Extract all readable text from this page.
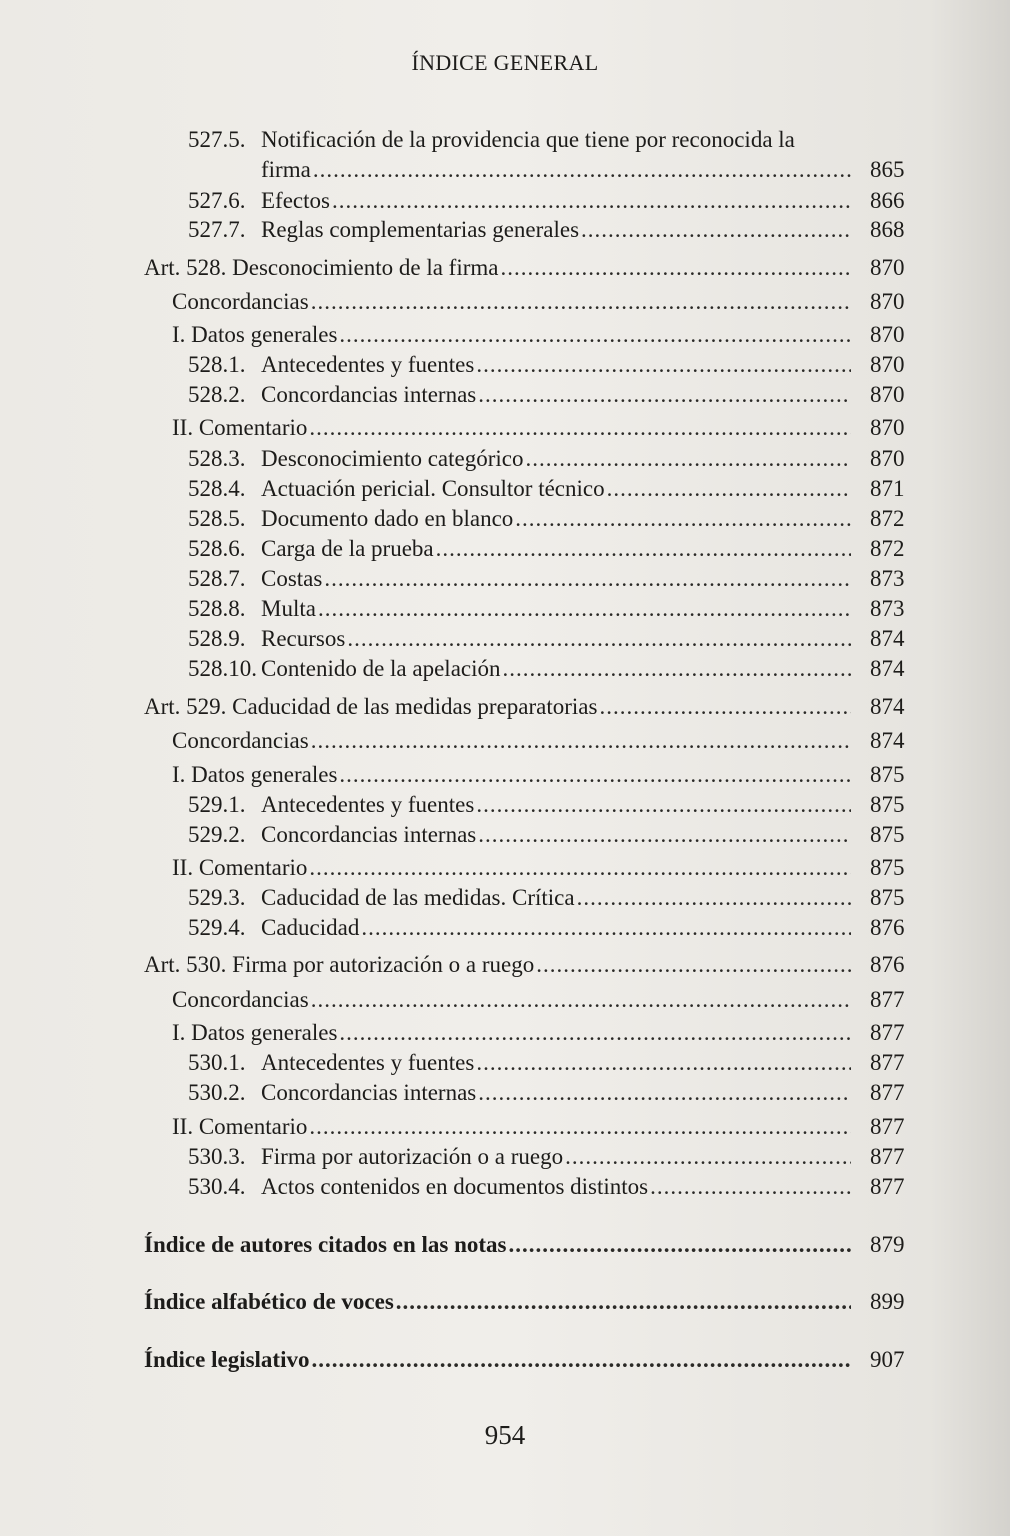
ÍNDICE GENERAL
527.5. Notificación de la providencia que tiene por reconocida la
firma .....	865
527.6. Efectos .....	866
527.7. Reglas complementarias generales .....	868
Art. 528. Desconocimiento de la firma .....	870
Concordancias .....	870
I. Datos generales .....	870
528.1. Antecedentes y fuentes .....	870
528.2. Concordancias internas .....	870
II. Comentario .....	870
528.3. Desconocimiento categórico .....	870
528.4. Actuación pericial. Consultor técnico .....	871
528.5. Documento dado en blanco .....	872
528.6. Carga de la prueba .....	872
528.7. Costas .....	873
528.8. Multa .....	873
528.9. Recursos .....	874
528.10. Contenido de la apelación .....	874
Art. 529. Caducidad de las medidas preparatorias .....	874
Concordancias .....	874
I. Datos generales .....	875
529.1. Antecedentes y fuentes .....	875
529.2. Concordancias internas .....	875
II. Comentario .....	875
529.3. Caducidad de las medidas. Crítica .....	875
529.4. Caducidad .....	876
Art. 530. Firma por autorización o a ruego .....	876
Concordancias .....	877
I. Datos generales .....	877
530.1. Antecedentes y fuentes .....	877
530.2. Concordancias internas .....	877
II. Comentario .....	877
530.3. Firma por autorización o a ruego .....	877
530.4. Actos contenidos en documentos distintos .....	877
Índice de autores citados en las notas .....	879
Índice alfabético de voces .....	899
Índice legislativo .....	907
954
